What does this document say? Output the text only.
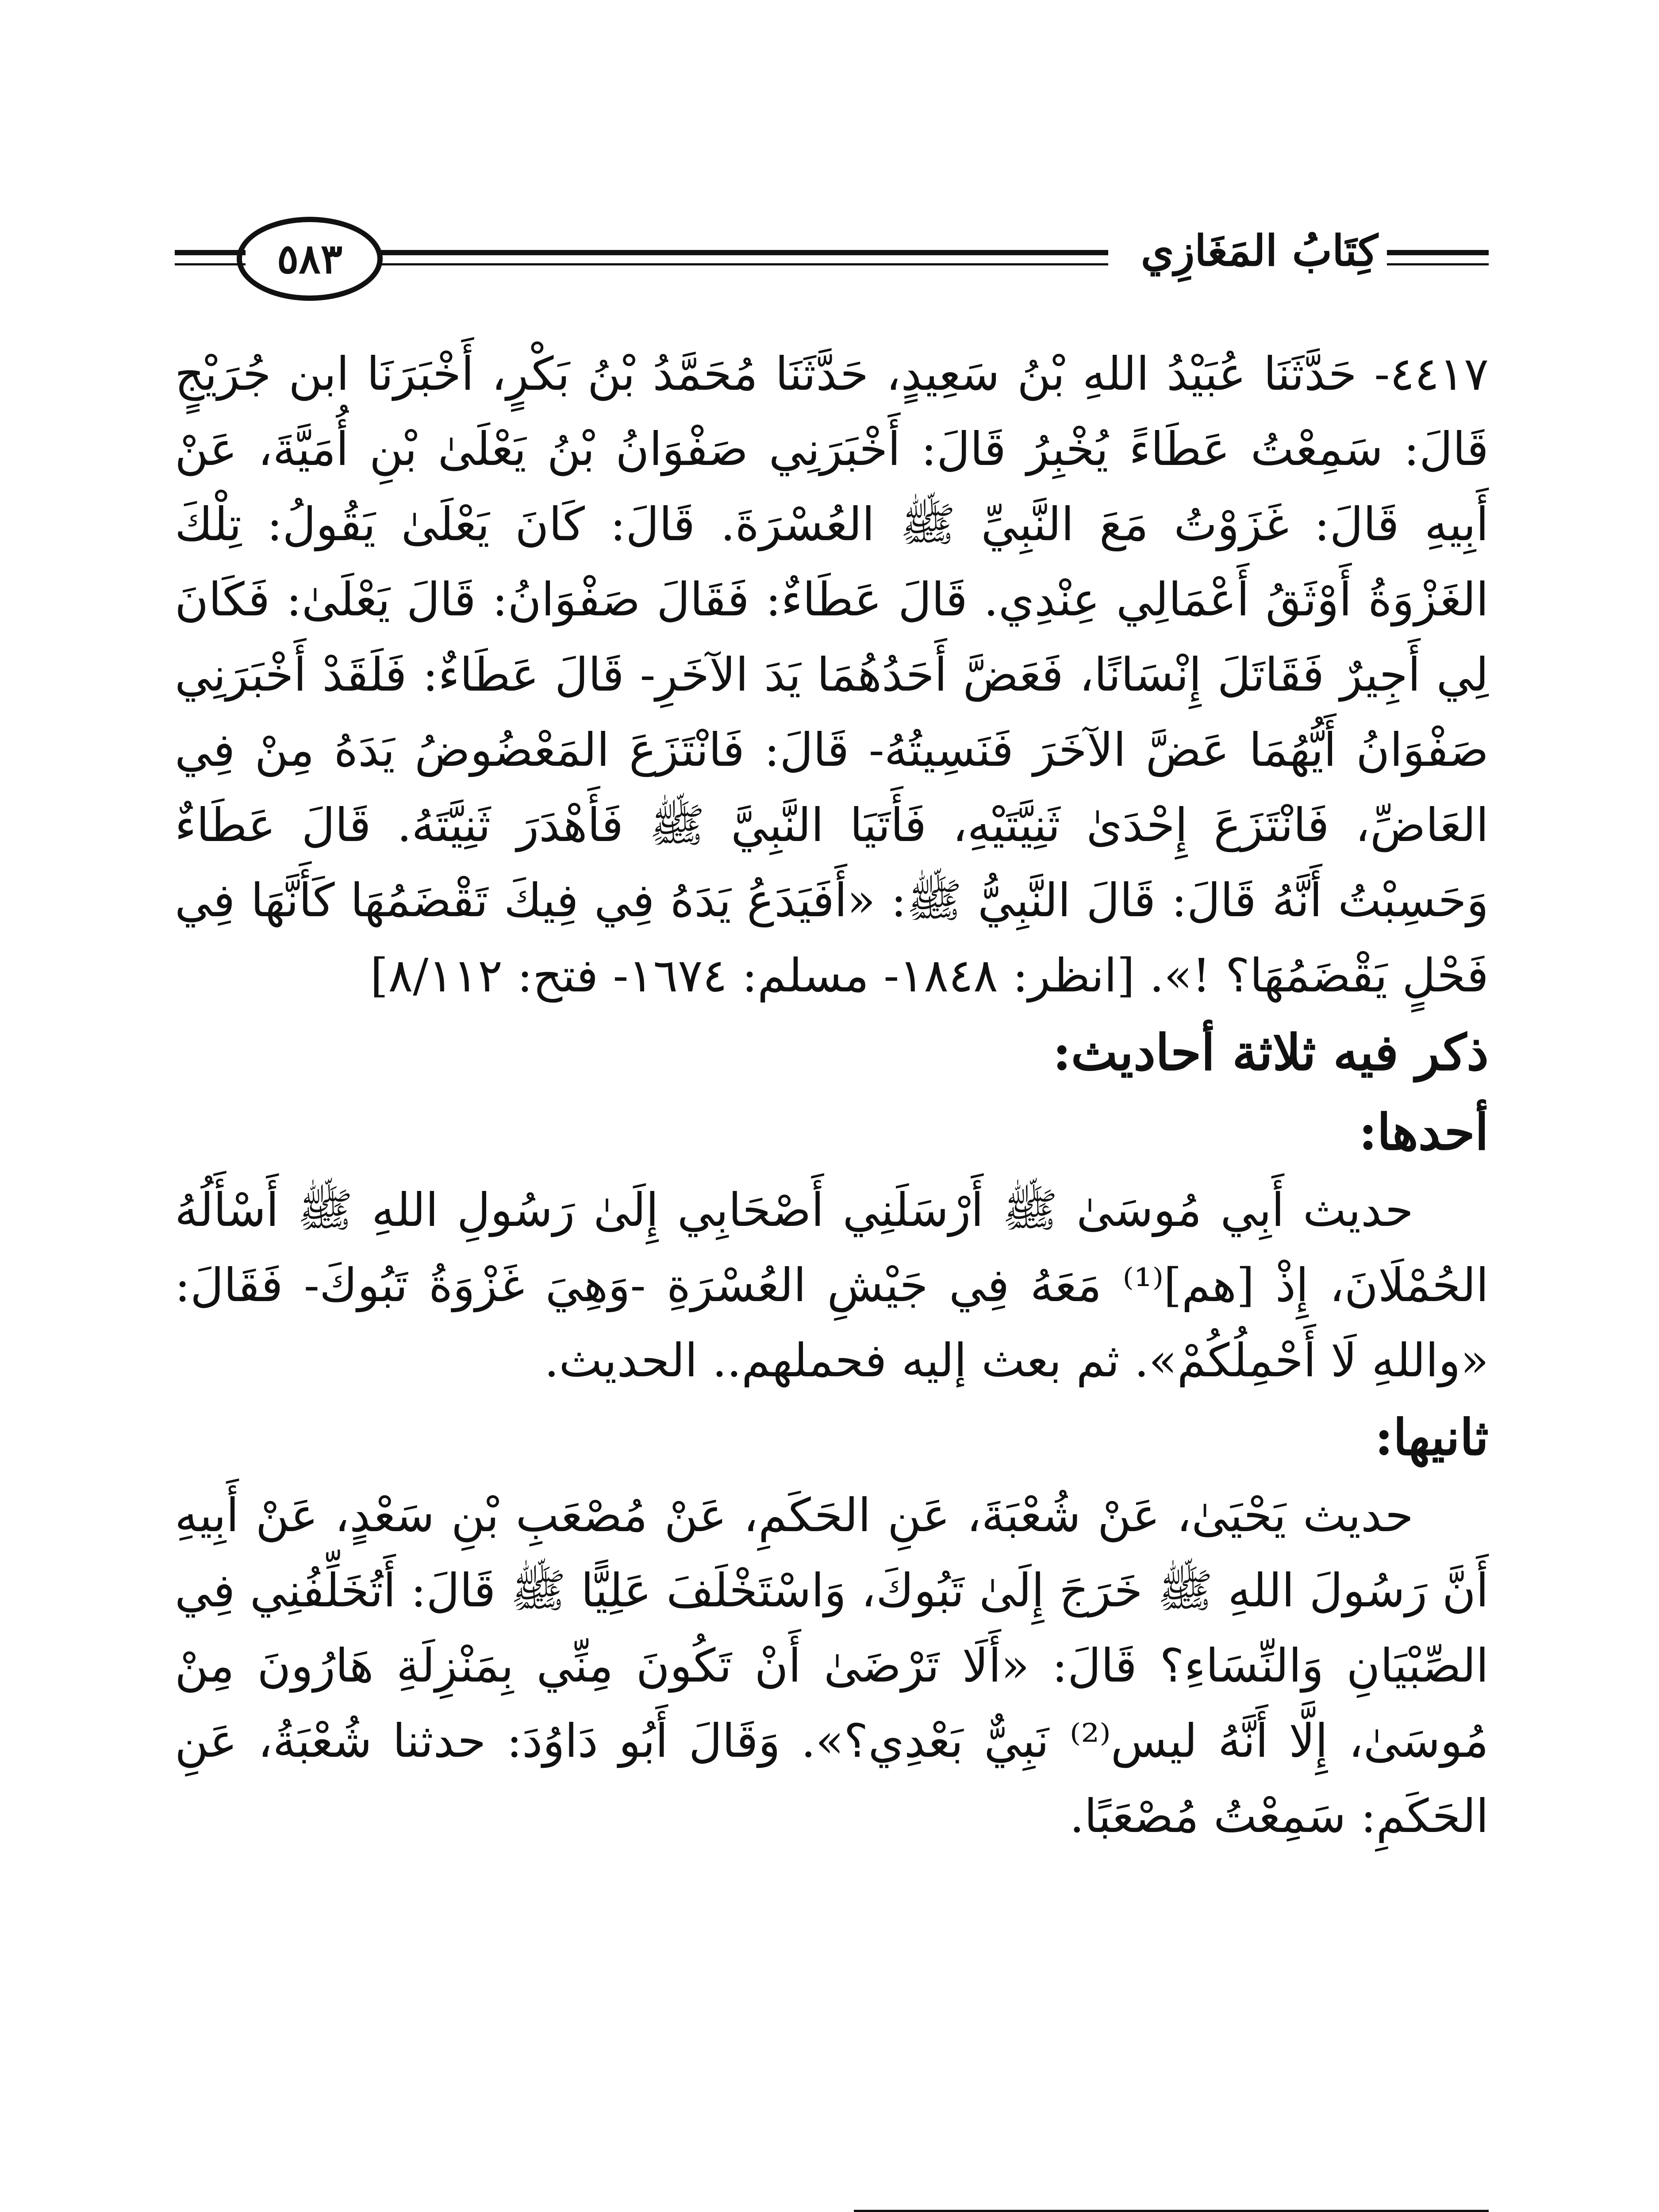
كِتَابُ المَغَازِي
٥٨٣

٤٤١٧- حَدَّثَنَا عُبَيْدُ اللهِ بْنُ سَعِيدٍ، حَدَّثَنَا مُحَمَّدُ بْنُ بَكْرٍ، أَخْبَرَنَا ابن جُرَيْجٍ قَالَ: سَمِعْتُ عَطَاءً يُخْبِرُ قَالَ: أَخْبَرَنِي صَفْوَانُ بْنُ يَعْلَىٰ بْنِ أُمَيَّةَ، عَنْ أَبِيهِ قَالَ: غَزَوْتُ مَعَ النَّبِيِّ ﷺ العُسْرَةَ. قَالَ: كَانَ يَعْلَىٰ يَقُولُ: تِلْكَ الغَزْوَةُ أَوْثَقُ أَعْمَالِي عِنْدِي. قَالَ عَطَاءٌ: فَقَالَ صَفْوَانُ: قَالَ يَعْلَىٰ: فَكَانَ لِي أَجِيرٌ فَقَاتَلَ إِنْسَانًا، فَعَضَّ أَحَدُهُمَا يَدَ الآخَرِ- قَالَ عَطَاءٌ: فَلَقَدْ أَخْبَرَنِي صَفْوَانُ أَيُّهُمَا عَضَّ الآخَرَ فَنَسِيتُهُ- قَالَ: فَانْتَزَعَ المَعْضُوضُ يَدَهُ مِنْ فِي العَاضِّ، فَانْتَزَعَ إِحْدَىٰ ثَنِيَّتَيْهِ، فَأَتَيَا النَّبِيَّ ﷺ فَأَهْدَرَ ثَنِيَّتَهُ. قَالَ عَطَاءٌ وَحَسِبْتُ أَنَّهُ قَالَ: قَالَ النَّبِيُّ ﷺ: «أَفَيَدَعُ يَدَهُ فِي فِيكَ تَقْضَمُهَا كَأَنَّهَا فِي فَحْلٍ يَقْضَمُهَا؟ !». [انظر: ١٨٤٨- مسلم: ١٦٧٤- فتح: ٨/١١٢]

ذكر فيه ثلاثة أحاديث:

أحدها:

حديث أَبِي مُوسَىٰ ﷺ أَرْسَلَنِي أَصْحَابِي إِلَىٰ رَسُولِ اللهِ ﷺ أَسْأَلُهُ الحُمْلَانَ، إِذْ [هم]⁽¹⁾ مَعَهُ فِي جَيْشِ العُسْرَةِ -وَهِيَ غَزْوَةُ تَبُوكَ- فَقَالَ: «واللهِ لَا أَحْمِلُكُمْ». ثم بعث إليه فحملهم.. الحديث.

ثانيها:

حديث يَحْيَىٰ، عَنْ شُعْبَةَ، عَنِ الحَكَمِ، عَنْ مُصْعَبِ بْنِ سَعْدٍ، عَنْ أَبِيهِ أَنَّ رَسُولَ اللهِ ﷺ خَرَجَ إِلَىٰ تَبُوكَ، وَاسْتَخْلَفَ عَلِيًّا ﷺ قَالَ: أَتُخَلِّفُنِي فِي الصِّبْيَانِ وَالنِّسَاءِ؟ قَالَ: «أَلَا تَرْضَىٰ أَنْ تَكُونَ مِنِّي بِمَنْزِلَةِ هَارُونَ مِنْ مُوسَىٰ، إِلَّا أَنَّهُ ليس⁽²⁾ نَبِيٌّ بَعْدِي؟». وَقَالَ أَبُو دَاوُدَ: حدثنا شُعْبَةُ، عَنِ الحَكَمِ: سَمِعْتُ مُصْعَبًا.
